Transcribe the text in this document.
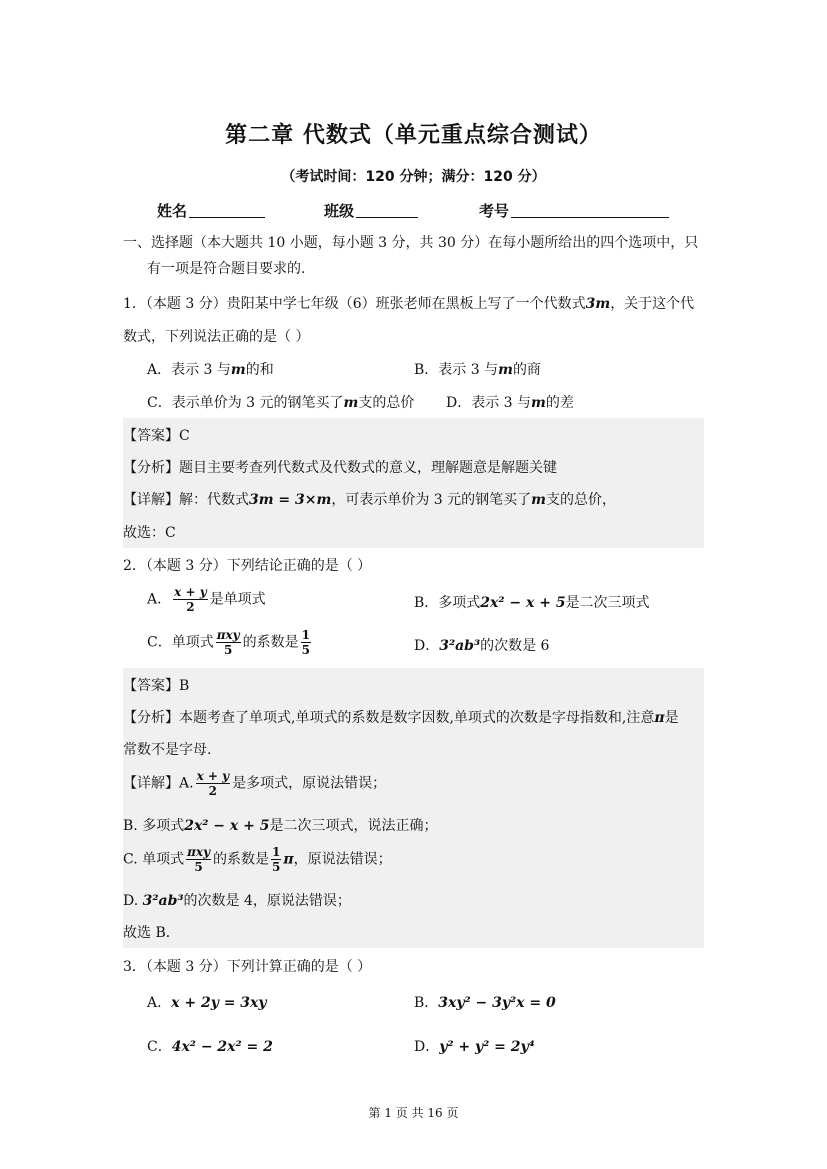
第二章 代数式（单元重点综合测试）
（考试时间：120 分钟；满分：120 分）
姓名	班级	考号
一、选择题（本大题共 10 小题，每小题 3 分，共 30 分）在每小题所给出的四个选项中，只
有一项是符合题目要求的.
1．（本题 3 分）贵阳某中学七年级（6）班张老师在黑板上写了一个代数式3m，关于这个代
数式，下列说法正确的是（ ）
A．表示 3 与m的和	B．表示 3 与m的商
C．表示单价为 3 元的钢笔买了m支的总价 D．表示 3 与m的差
【答案】C
【分析】题目主要考查列代数式及代数式的意义，理解题意是解题关键
【详解】解：代数式3m = 3×m，可表示单价为 3 元的钢笔买了m支的总价，
故选：C
2．（本题 3 分）下列结论正确的是（ ）
A． $\frac{x + y}{2}$ 是单项式	B．多项式2x² − x + 5是二次三项式
C．单项式 $\frac{\text{πxy}}{5}$ 的系数是 $\frac{1}{5}$	D．3²ab³的次数是 6
【答案】B
【分析】本题考查了单项式,单项式的系数是数字因数,单项式的次数是字母指数和,注意π是
常数不是字母.
【详解】A. $\frac{x + y}{2}$ 是多项式，原说法错误；
B. 多项式2x² − x + 5是二次三项式，说法正确；
C. 单项式 $\frac{\text{πxy}}{5}$ 的系数是 $\frac{1}{5}$ π，原说法错误；
D. 3²ab³的次数是 4，原说法错误；
故选 B．
3．（本题 3 分）下列计算正确的是（ ）
A．x + 2y = 3xy	B．3xy² − 3y²x = 0
C．4x² − 2x² = 2	D．y² + y² = 2y⁴
第 1 页 共 16 页
